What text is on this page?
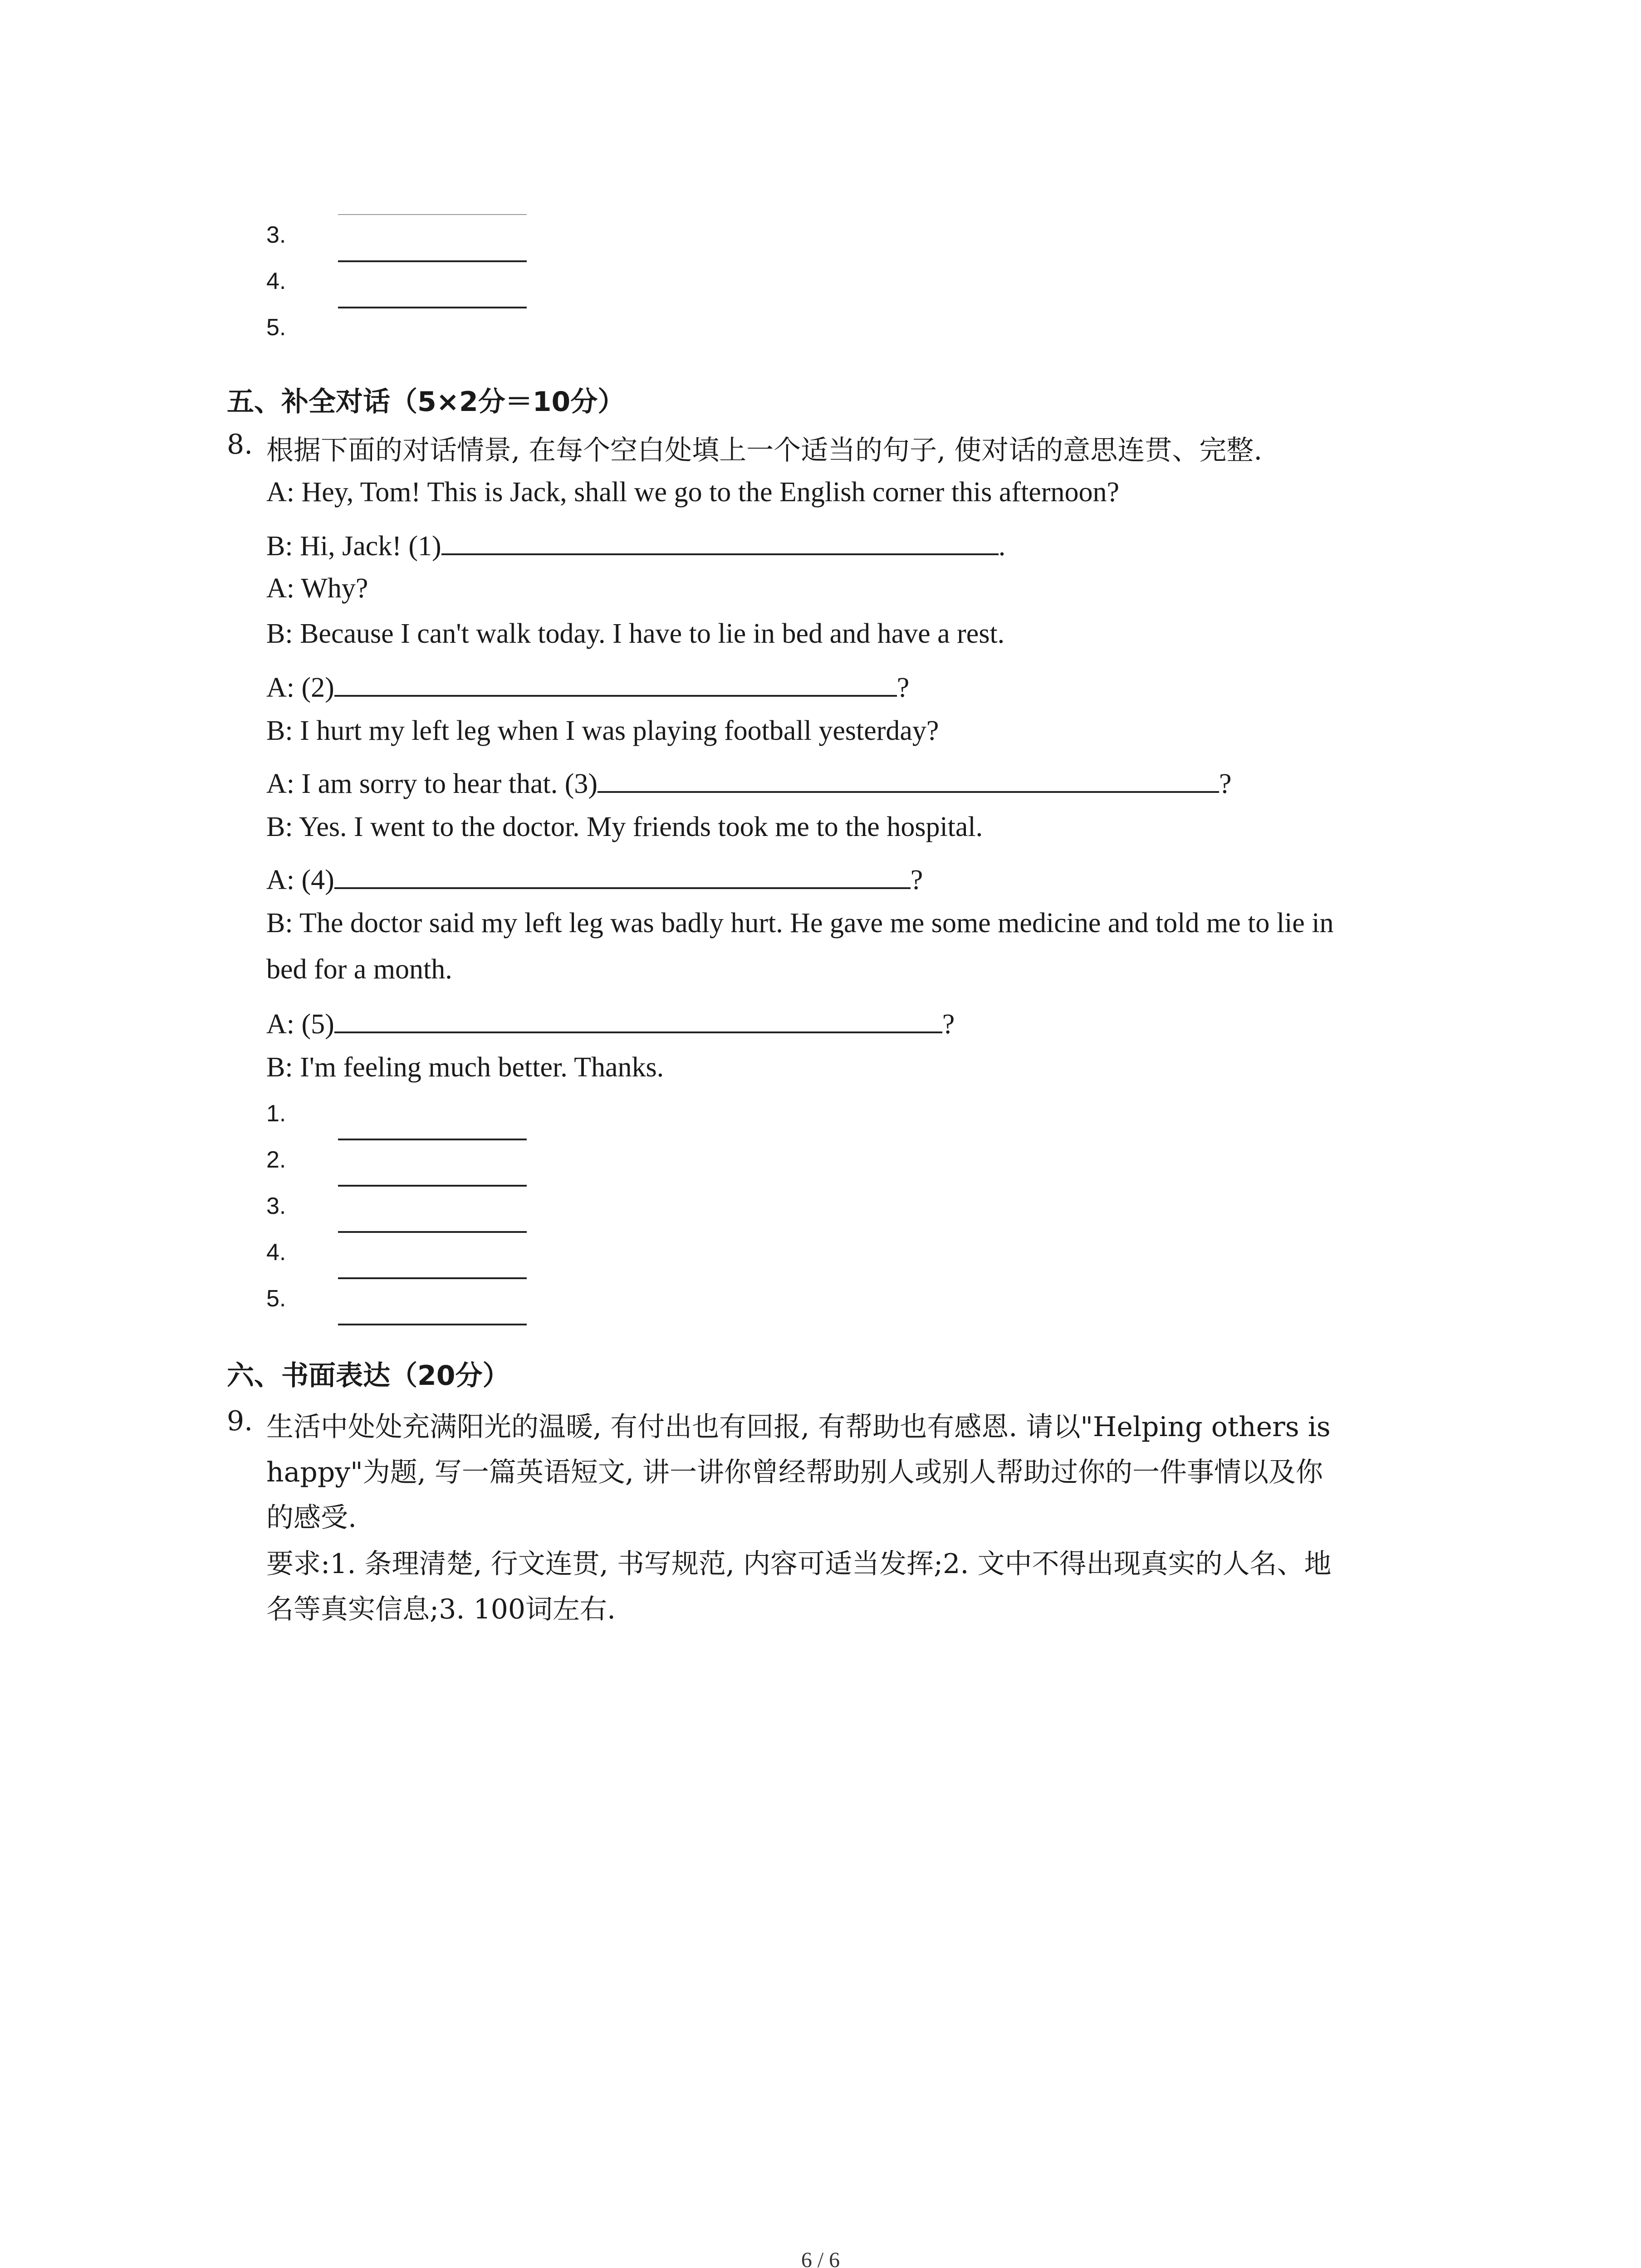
3.
4.
5.
五、补全对话（5×2分＝10分）
8. 根据下面的对话情景, 在每个空白处填上一个适当的句子, 使对话的意思连贯、完整.
A: Hey, Tom! This is Jack, shall we go to the English corner this afternoon?
B: Hi, Jack! (1)	.
A: Why?
B: Because I can't walk today. I have to lie in bed and have a rest.
A: (2)	?
B: I hurt my left leg when I was playing football yesterday?
A: I am sorry to hear that. (3)	?
B: Yes. I went to the doctor. My friends took me to the hospital.
A: (4)	?
B: The doctor said my left leg was badly hurt. He gave me some medicine and told me to lie in
bed for a month.
A: (5)	?
B: I'm feeling much better. Thanks.
1.
2.
3.
4.
5.
六、书面表达（20分）
9. 生活中处处充满阳光的温暖, 有付出也有回报, 有帮助也有感恩. 请以"Helping others is
happy"为题, 写一篇英语短文, 讲一讲你曾经帮助别人或别人帮助过你的一件事情以及你
的感受.
要求:1. 条理清楚, 行文连贯, 书写规范, 内容可适当发挥;2. 文中不得出现真实的人名、地
名等真实信息;3. 100词左右.
6 / 6
